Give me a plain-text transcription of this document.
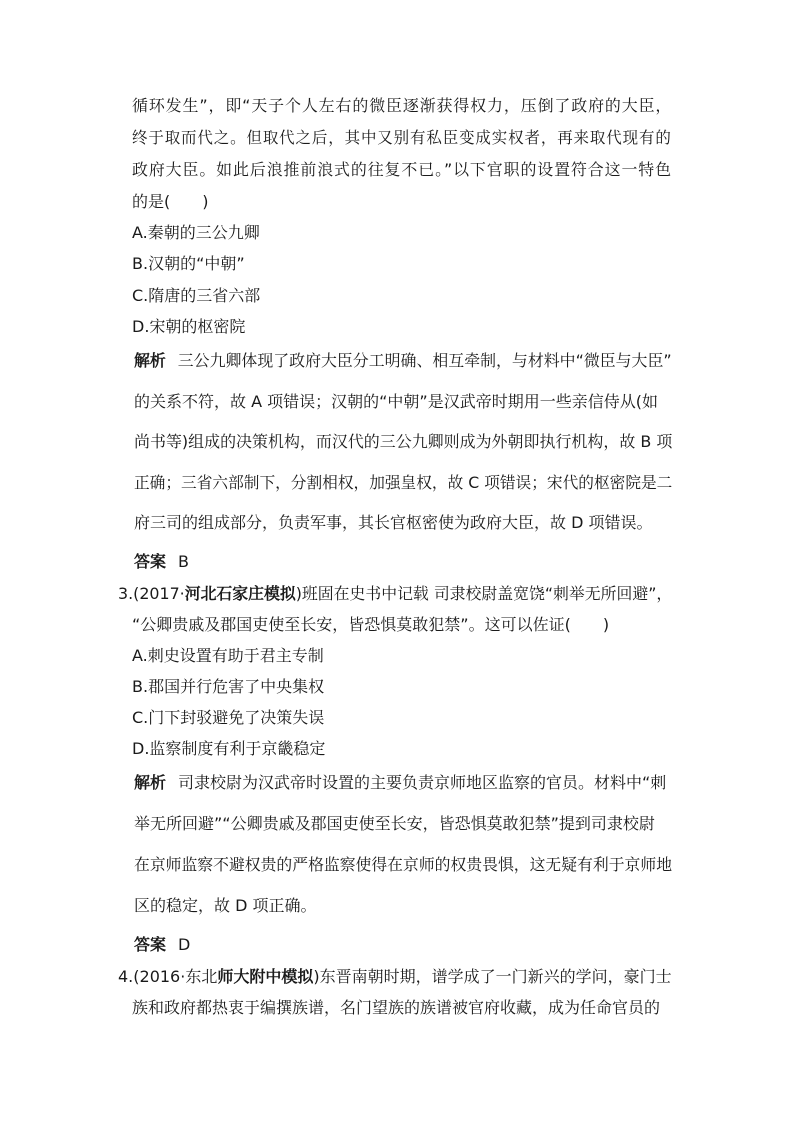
循环发生”，即“天子个人左右的微臣逐渐获得权力，压倒了政府的大臣，
终于取而代之。但取代之后，其中又别有私臣变成实权者，再来取代现有的
政府大臣。如此后浪推前浪式的往复不已。”以下官职的设置符合这一特色
的是(　　)
A.秦朝的三公九卿
B.汉朝的“中朝”
C.隋唐的三省六部
D.宋朝的枢密院
解析 三公九卿体现了政府大臣分工明确、相互牵制，与材料中“微臣与大臣”
的关系不符，故 A 项错误；汉朝的“中朝”是汉武帝时期用一些亲信侍从(如
尚书等)组成的决策机构，而汉代的三公九卿则成为外朝即执行机构，故 B 项
正确；三省六部制下，分割相权，加强皇权，故 C 项错误；宋代的枢密院是二
府三司的组成部分，负责军事，其长官枢密使为政府大臣，故 D 项错误。
答案 B
3.(2017·河北石家庄模拟)班固在史书中记载 司隶校尉盖宽饶“刺举无所回避”，
“公卿贵戚及郡国吏使至长安，皆恐惧莫敢犯禁”。这可以佐证(　　)
A.刺史设置有助于君主专制
B.郡国并行危害了中央集权
C.门下封驳避免了决策失误
D.监察制度有利于京畿稳定
解析 司隶校尉为汉武帝时设置的主要负责京师地区监察的官员。材料中“刺
举无所回避”“公卿贵戚及郡国吏使至长安，皆恐惧莫敢犯禁”提到司隶校尉
在京师监察不避权贵的严格监察使得在京师的权贵畏惧，这无疑有利于京师地
区的稳定，故 D 项正确。
答案 D
4.(2016·东北师大附中模拟)东晋南朝时期，谱学成了一门新兴的学问，豪门士
族和政府都热衷于编撰族谱，名门望族的族谱被官府收藏，成为任命官员的
